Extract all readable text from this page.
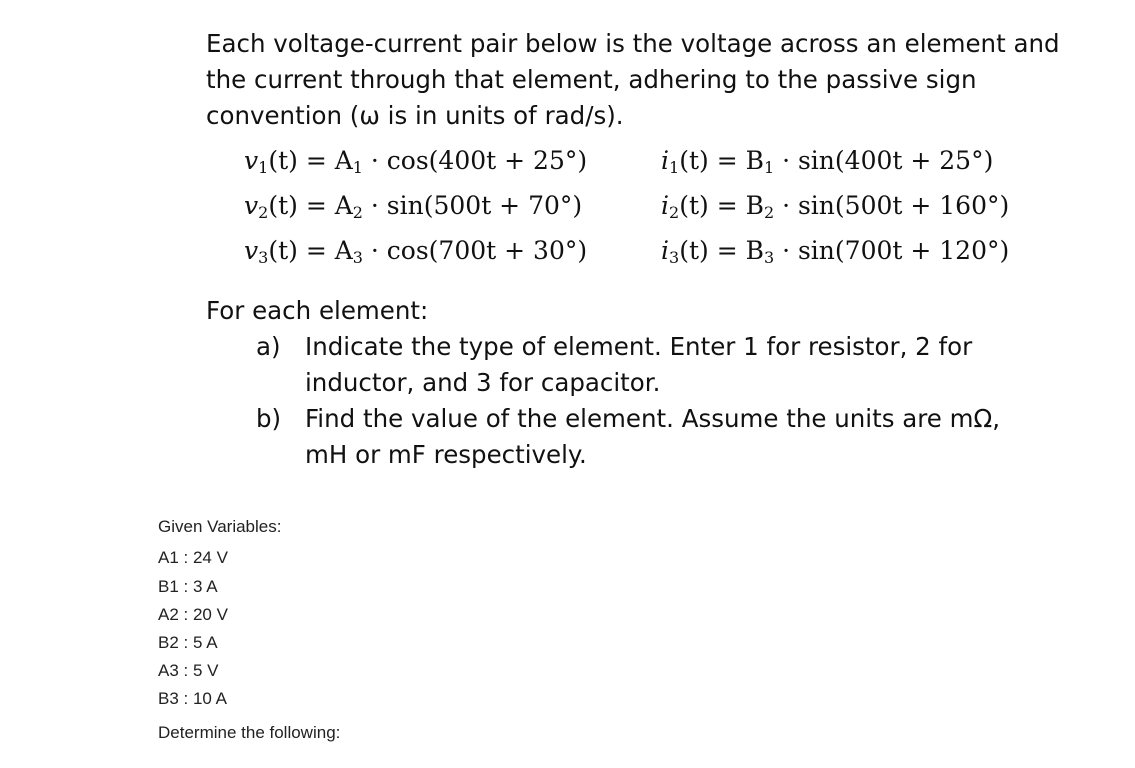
Each voltage-current pair below is the voltage across an element and the current through that element, adhering to the passive sign convention (ω is in units of rad/s).

$v_1(t) = A_1 \cdot \cos(400t + 25^\circ)$	$i_1(t) = B_1 \cdot \sin(400t + 25^\circ)$
$v_2(t) = A_2 \cdot \sin(500t + 70^\circ)$	$i_2(t) = B_2 \cdot \sin(500t + 160^\circ)$
$v_3(t) = A_3 \cdot \cos(700t + 30^\circ)$	$i_3(t) = B_3 \cdot \sin(700t + 120^\circ)$
For each element:
a) Indicate the type of element. Enter 1 for resistor, 2 for inductor, and 3 for capacitor.
b) Find the value of the element. Assume the units are mΩ, mH or mF respectively.
Given Variables:
A1 : 24 V
B1 : 3 A
A2 : 20 V
B2 : 5 A
A3 : 5 V
B3 : 10 A
Determine the following:
